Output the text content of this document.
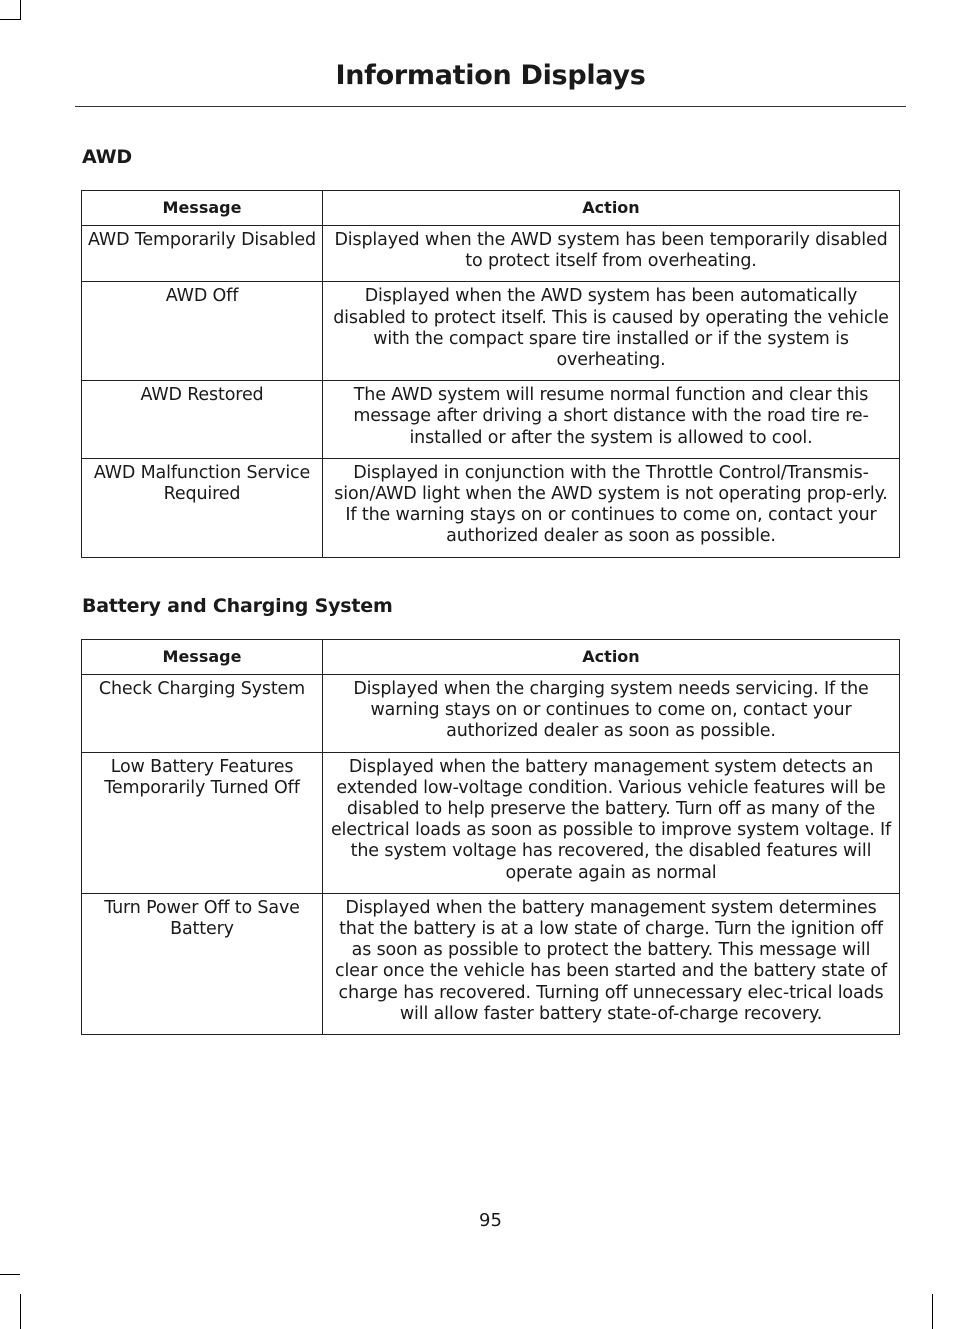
Information Displays
AWD
Message	Action
AWD Temporarily Disabled	Displayed when the AWD system has been temporarily disabled to protect itself from overheating.
AWD Off	Displayed when the AWD system has been automatically disabled to protect itself. This is caused by operating the vehicle with the compact spare tire installed or if the system is overheating.
AWD Restored	The AWD system will resume normal function and clear this message after driving a short distance with the road tire re-installed or after the system is allowed to cool.
AWD Malfunction Service Required	Displayed in conjunction with the Throttle Control/Transmis-sion/AWD light when the AWD system is not operating prop-erly. If the warning stays on or continues to come on, contact your authorized dealer as soon as possible.
Battery and Charging System
Message	Action
Check Charging System	Displayed when the charging system needs servicing. If the warning stays on or continues to come on, contact your authorized dealer as soon as possible.
Low Battery Features Temporarily Turned Off	Displayed when the battery management system detects an extended low-voltage condition. Various vehicle features will be disabled to help preserve the battery. Turn off as many of the electrical loads as soon as possible to improve system voltage. If the system voltage has recovered, the disabled features will operate again as normal
Turn Power Off to Save Battery	Displayed when the battery management system determines that the battery is at a low state of charge. Turn the ignition off as soon as possible to protect the battery. This message will clear once the vehicle has been started and the battery state of charge has recovered. Turning off unnecessary elec-trical loads will allow faster battery state-of-charge recovery.
95
